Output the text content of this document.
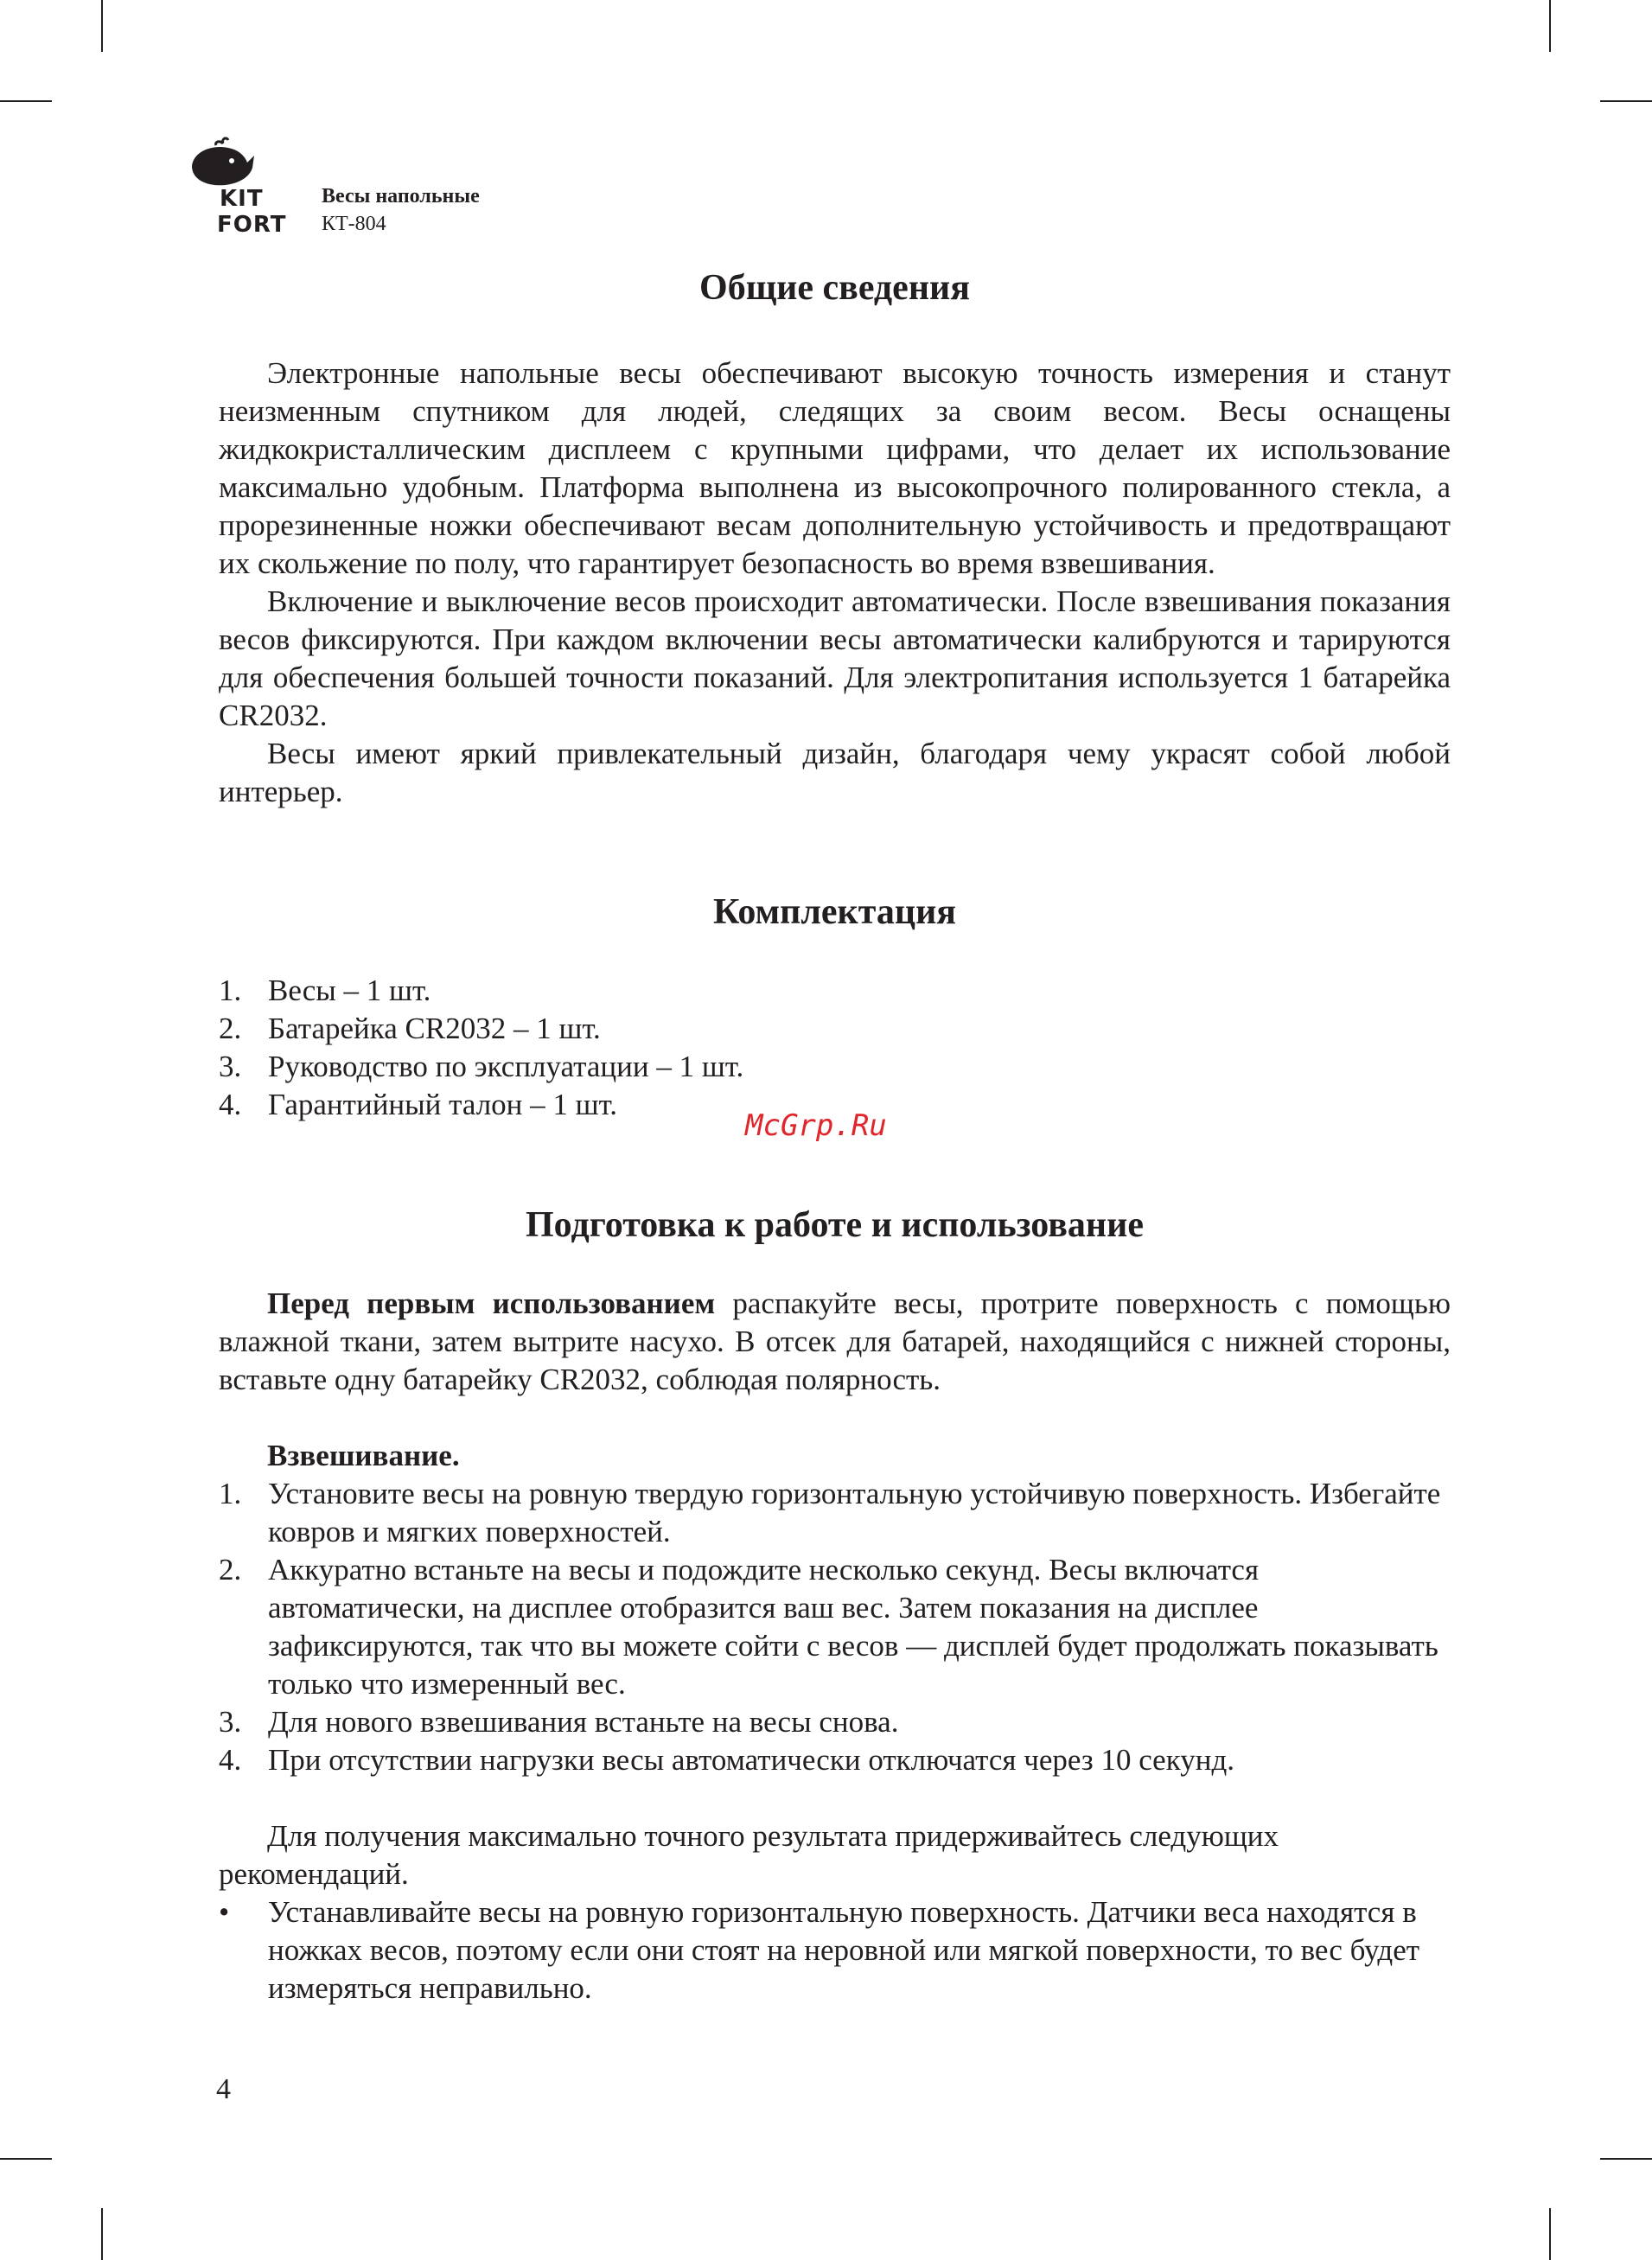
KIT
FORT
Весы напольные
КТ-804
Общие сведения

Электронные напольные весы обеспечивают высокую точность измерения и станут неизменным спутником для людей, следящих за своим весом. Весы оснащены жидкокристаллическим дисплеем с крупными цифрами, что делает их использование максимально удобным. Платформа выполнена из высокопрочного полированного стекла, а прорезиненные ножки обеспечивают весам дополнительную устойчивость и предотвращают их скольжение по полу, что гарантирует безопасность во время взвешивания.

Включение и выключение весов происходит автоматически. После взвешивания показания весов фиксируются. При каждом включении весы автоматически калибруются и тарируются для обеспечения большей точности показаний. Для электропитания используется 1 батарейка CR2032.

Весы имеют яркий привлекательный дизайн, благодаря чему украсят собой любой интерьер.

Комплектация
1. Весы – 1 шт.
2. Батарейка CR2032 – 1 шт.
3. Руководство по эксплуатации – 1 шт.
4. Гарантийный талон – 1 шт.
Подготовка к работе и использование

Перед первым использованием распакуйте весы, протрите поверхность с помощью влажной ткани, затем вытрите насухо. В отсек для батарей, находящийся с нижней стороны, вставьте одну батарейку CR2032, соблюдая полярность.

Взвешивание.
1. Установите весы на ровную твердую горизонтальную устойчивую поверхность. Избегайте ковров и мягких поверхностей.
2. Аккуратно встаньте на весы и подождите несколько секунд. Весы включатся автоматически, на дисплее отобразится ваш вес. Затем показания на дисплее зафиксируются, так что вы можете сойти с весов — дисплей будет продолжать показывать только что измеренный вес.
3. Для нового взвешивания встаньте на весы снова.
4. При отсутствии нагрузки весы автоматически отключатся через 10 секунд.

Для получения максимально точного результата придерживайтесь следующих рекомендаций.

• Устанавливайте весы на ровную горизонтальную поверхность. Датчики веса находятся в ножках весов, поэтому если они стоят на неровной или мягкой поверхности, то вес будет измеряться неправильно.
McGrp.Ru
4
